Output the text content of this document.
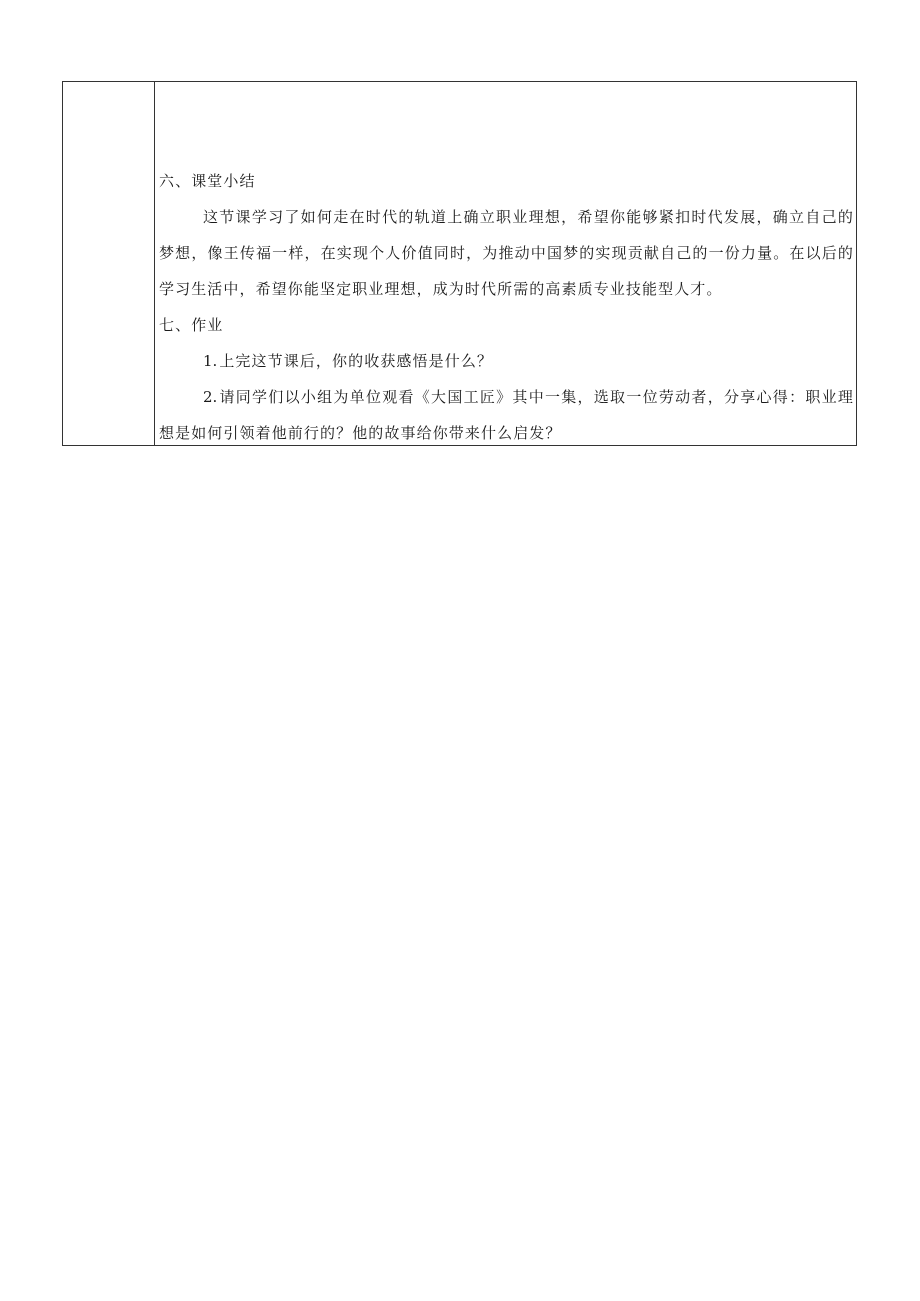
六、课堂小结

这节课学习了如何走在时代的轨道上确立职业理想，希望你能够紧扣时代发展，确立自己的梦想，像王传福一样，在实现个人价值同时，为推动中国梦的实现贡献自己的一份力量。在以后的学习生活中，希望你能坚定职业理想，成为时代所需的高素质专业技能型人才。

七、作业

1. 上完这节课后，你的收获感悟是什么？

2. 请同学们以小组为单位观看《大国工匠》其中一集，选取一位劳动者，分享心得：职业理想是如何引领着他前行的？他的故事给你带来什么启发？
